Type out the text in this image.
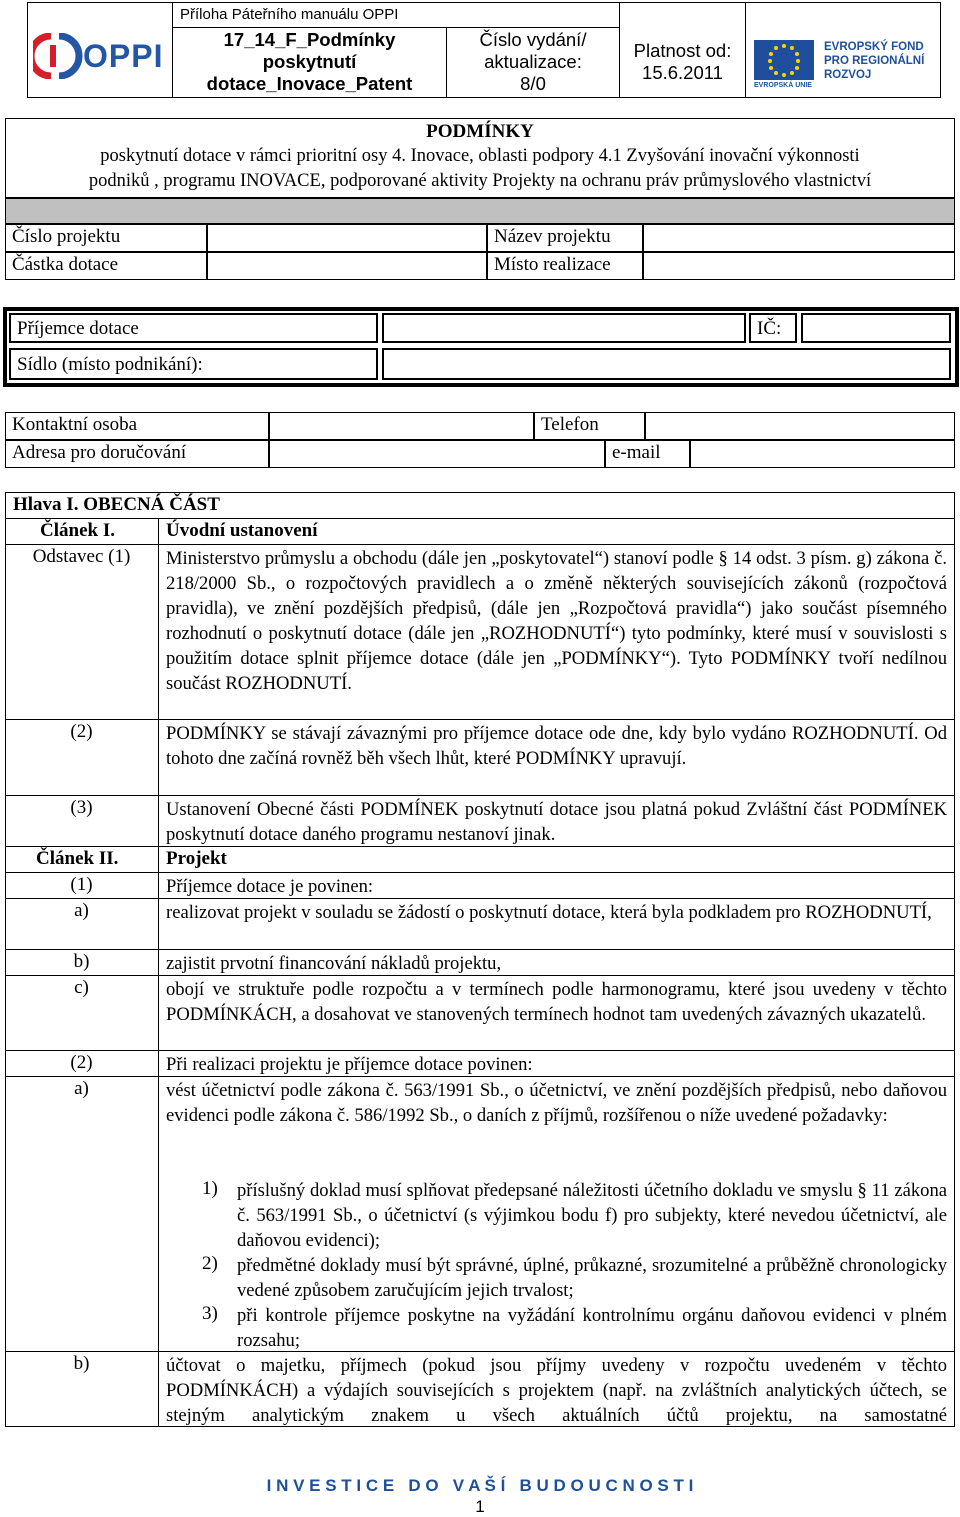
OPPI
Příloha Páteřního manuálu OPPI
17_14_F_Podmínky
poskytnutí
dotace_Inovace_Patent
Číslo vydání/
aktualizace:
8/0
Platnost od:
15.6.2011
EVROPSKÁ UNIE
EVROPSKÝ FOND
PRO REGIONÁLNÍ
ROZVOJ
PODMÍNKY
poskytnutí dotace v rámci prioritní osy 4. Inovace, oblasti podpory 4.1 Zvyšování inovační výkonnosti
podniků , programu INOVACE, podporované aktivity Projekty na ochranu práv průmyslového vlastnictví
Číslo projektu	Název projektu
Částka dotace	Místo realizace
Příjemce dotace	IČ:
Sídlo (místo podnikání):
Kontaktní osoba	Telefon
Adresa pro doručování	e-mail
Hlava I. OBECNÁ ČÁST
Článek I.	Úvodní ustanovení
Odstavec (1)	Ministerstvo průmyslu a obchodu (dále jen „poskytovatel“) stanoví podle § 14 odst. 3 písm. g) zákona č. 218/2000 Sb., o rozpočtových pravidlech a o změně některých souvisejících zákonů (rozpočtová pravidla), ve znění pozdějších předpisů, (dále jen „Rozpočtová pravidla“) jako součást písemného rozhodnutí o poskytnutí dotace (dále jen „ROZHODNUTÍ“) tyto podmínky, které musí v souvislosti s použitím dotace splnit příjemce dotace (dále jen „PODMÍNKY“). Tyto PODMÍNKY tvoří nedílnou součást ROZHODNUTÍ.
(2)	PODMÍNKY se stávají závaznými pro příjemce dotace ode dne, kdy bylo vydáno ROZHODNUTÍ. Od tohoto dne začíná rovněž běh všech lhůt, které PODMÍNKY upravují.
(3)	Ustanovení Obecné části PODMÍNEK poskytnutí dotace jsou platná pokud Zvláštní část PODMÍNEK poskytnutí dotace daného programu nestanoví jinak.
Článek II.	Projekt
(1)	Příjemce dotace je povinen:
a)	realizovat projekt v souladu se žádostí o poskytnutí dotace, která byla podkladem pro ROZHODNUTÍ,
b)	zajistit prvotní financování nákladů projektu,
c)	obojí ve struktuře podle rozpočtu a v termínech podle harmonogramu, které jsou uvedeny v těchto PODMÍNKÁCH, a dosahovat ve stanovených termínech hodnot tam uvedených závazných ukazatelů.
(2)	Při realizaci projektu je příjemce dotace povinen:
a)	vést účetnictví podle zákona č. 563/1991 Sb., o účetnictví, ve znění pozdějších předpisů, nebo daňovou evidenci podle zákona č. 586/1992 Sb., o daních z příjmů, rozšířenou o níže uvedené požadavky:
1) příslušný doklad musí splňovat předepsané náležitosti účetního dokladu ve smyslu § 11 zákona č. 563/1991 Sb., o účetnictví (s výjimkou bodu f) pro subjekty, které nevedou účetnictví, ale daňovou evidenci);
2) předmětné doklady musí být správné, úplné, průkazné, srozumitelné a průběžně chronologicky vedené způsobem zaručujícím jejich trvalost;
3) při kontrole příjemce poskytne na vyžádání kontrolnímu orgánu daňovou evidenci v plném rozsahu;
b)	účtovat o majetku, příjmech (pokud jsou příjmy uvedeny v rozpočtu uvedeném v těchto PODMÍNKÁCH) a výdajích souvisejících s projektem (např. na zvláštních analytických účtech, se stejným analytickým znakem u všech aktuálních účtů projektu, na samostatné
I N V E S T I C E   D O   V A Š Í   B U D O U C N O S T I
1
